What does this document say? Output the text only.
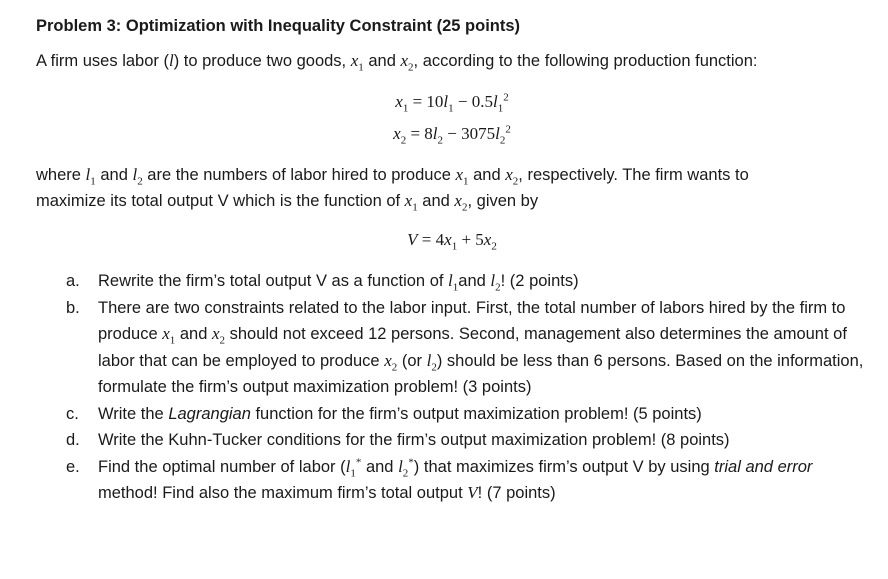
Problem 3: Optimization with Inequality Constraint (25 points)

A firm uses labor (l) to produce two goods, $x_1$ and $x_2$, according to the following production function:

$x_1 = 10l_1 - 0.5l_1^2$
$x_2 = 8l_2 - 3075l_2^2$

where $l_1$ and $l_2$ are the numbers of labor hired to produce $x_1$ and $x_2$, respectively. The firm wants to
maximize its total output V which is the function of $x_1$ and $x_2$, given by

$V = 4x_1 + 5x_2$
a. Rewrite the firm’s total output V as a function of $l_1and$ $l_2$! (2 points)
b. There are two constraints related to the labor input. First, the total number of labors hired by the firm to produce $x_1$ and $x_2$ should not exceed 12 persons. Second, management also determines the amount of labor that can be employed to produce $x_2$ (or $l_2$) should be less than 6 persons. Based on the information, formulate the firm’s output maximization problem! (3 points)
c. Write the Lagrangian function for the firm’s output maximization problem! (5 points)
d. Write the Kuhn-Tucker conditions for the firm’s output maximization problem! (8 points)
e. Find the optimal number of labor ($l_1^*$ and $l_2^*$) that maximizes firm’s output V by using trial and error method! Find also the maximum firm’s total output V! (7 points)
